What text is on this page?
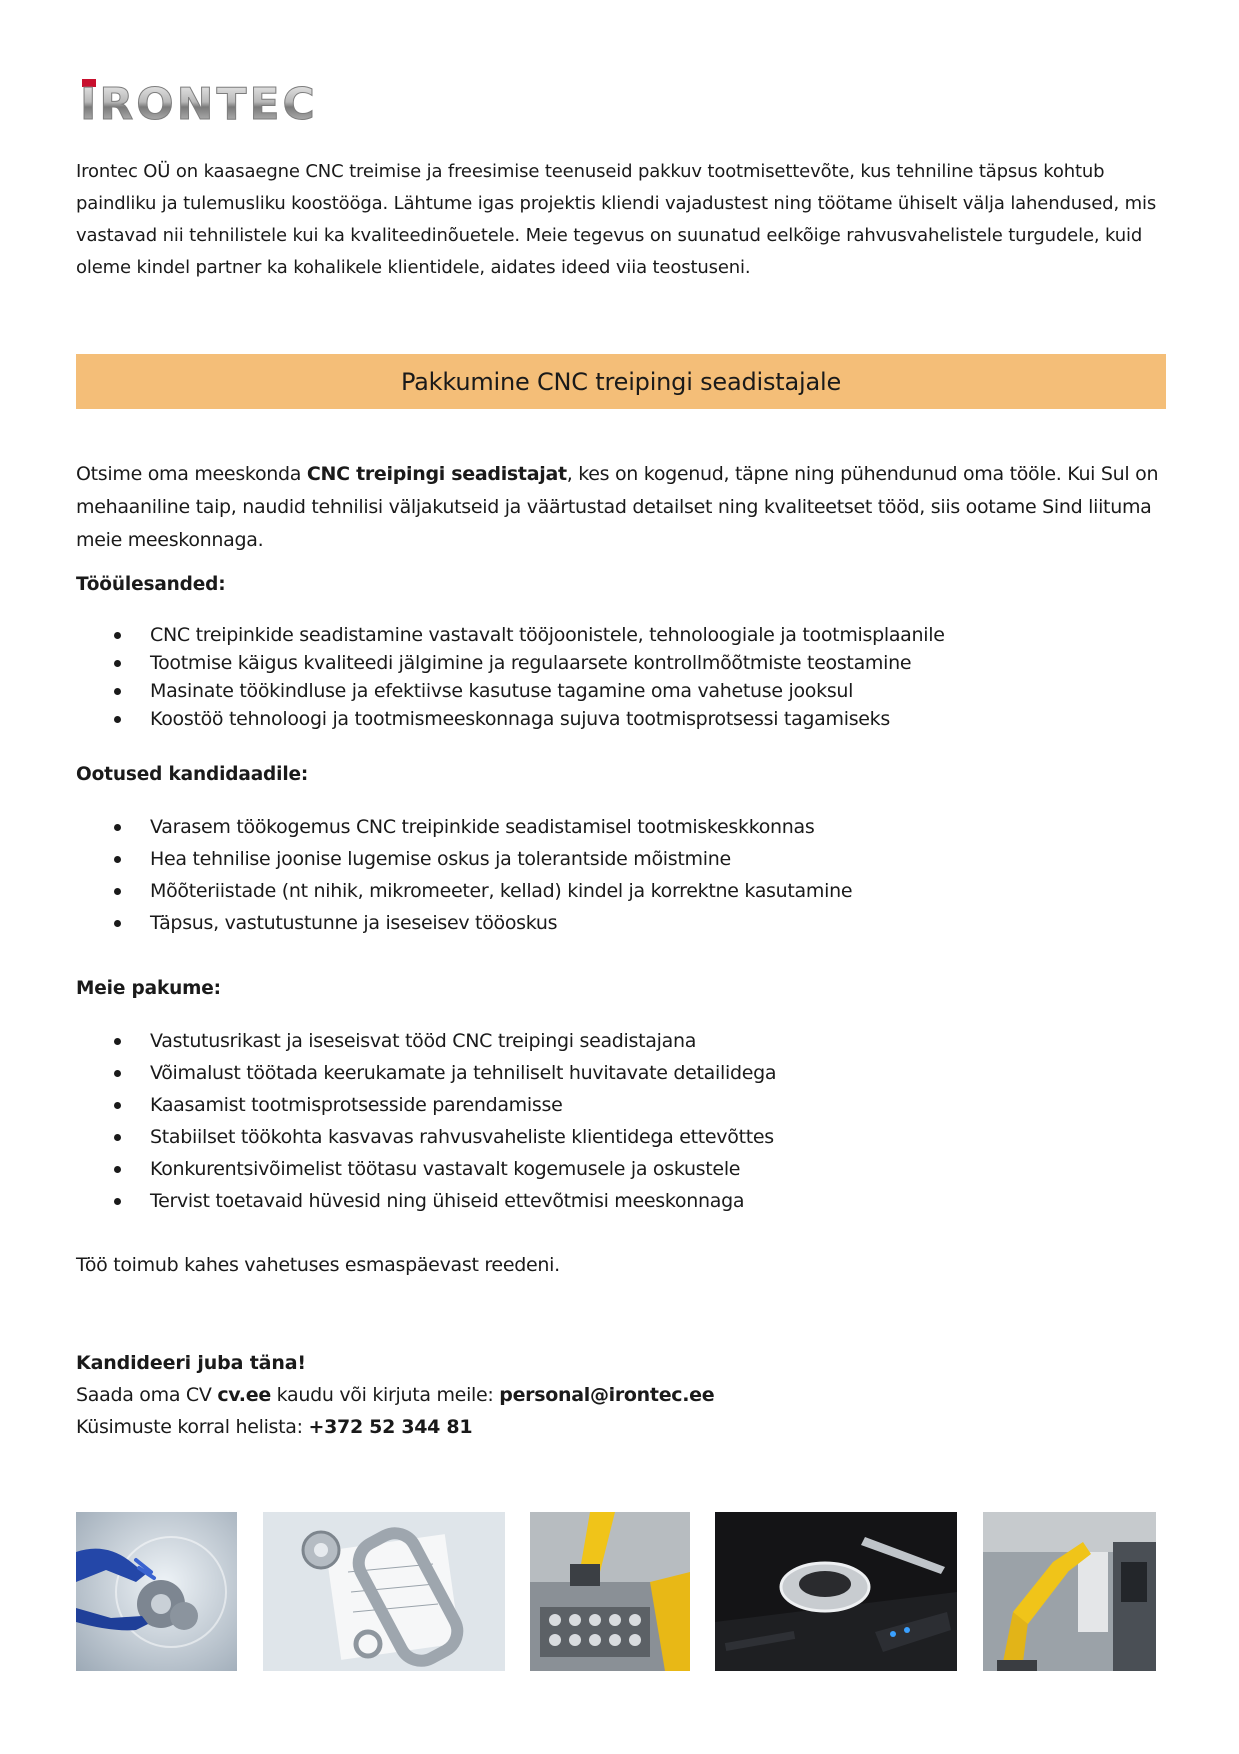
IRONTEC
Irontec OÜ on kaasaegne CNC treimise ja freesimise teenuseid pakkuv tootmisettevõte, kus tehniline täpsus kohtub paindliku ja tulemusliku koostööga. Lähtume igas projektis kliendi vajadustest ning töötame ühiselt välja lahendused, mis vastavad nii tehnilistele kui ka kvaliteedinõuetele. Meie tegevus on suunatud eelkõige rahvusvahelistele turgudele, kuid oleme kindel partner ka kohalikele klientidele, aidates ideed viia teostuseni.
Pakkumine CNC treipingi seadistajale
Otsime oma meeskonda CNC treipingi seadistajat, kes on kogenud, täpne ning pühendunud oma tööle. Kui Sul on mehaaniline taip, naudid tehnilisi väljakutseid ja väärtustad detailset ning kvaliteetset tööd, siis ootame Sind liituma meie meeskonnaga.
Tööülesanded:
CNC treipinkide seadistamine vastavalt tööjoonistele, tehnoloogiale ja tootmisplaanile
Tootmise käigus kvaliteedi jälgimine ja regulaarsete kontrollmõõtmiste teostamine
Masinate töökindluse ja efektiivse kasutuse tagamine oma vahetuse jooksul
Koostöö tehnoloogi ja tootmismeeskonnaga sujuva tootmisprotsessi tagamiseks
Ootused kandidaadile:
Varasem töökogemus CNC treipinkide seadistamisel tootmiskeskkonnas
Hea tehnilise joonise lugemise oskus ja tolerantside mõistmine
Mõõteriistade (nt nihik, mikromeeter, kellad) kindel ja korrektne kasutamine
Täpsus, vastutustunne ja iseseisev tööoskus
Meie pakume:
Vastutusrikast ja iseseisvat tööd CNC treipingi seadistajana
Võimalust töötada keerukamate ja tehniliselt huvitavate detailidega
Kaasamist tootmisprotsesside parendamisse
Stabiilset töökohta kasvavas rahvusvaheliste klientidega ettevõttes
Konkurentsivõimelist töötasu vastavalt kogemusele ja oskustele
Tervist toetavaid hüvesid ning ühiseid ettevõtmisi meeskonnaga
Töö toimub kahes vahetuses esmaspäevast reedeni.
Kandideeri juba täna!
Saada oma CV cv.ee kaudu või kirjuta meile: personal@irontec.ee
Küsimuste korral helista: +372 52 344 81
